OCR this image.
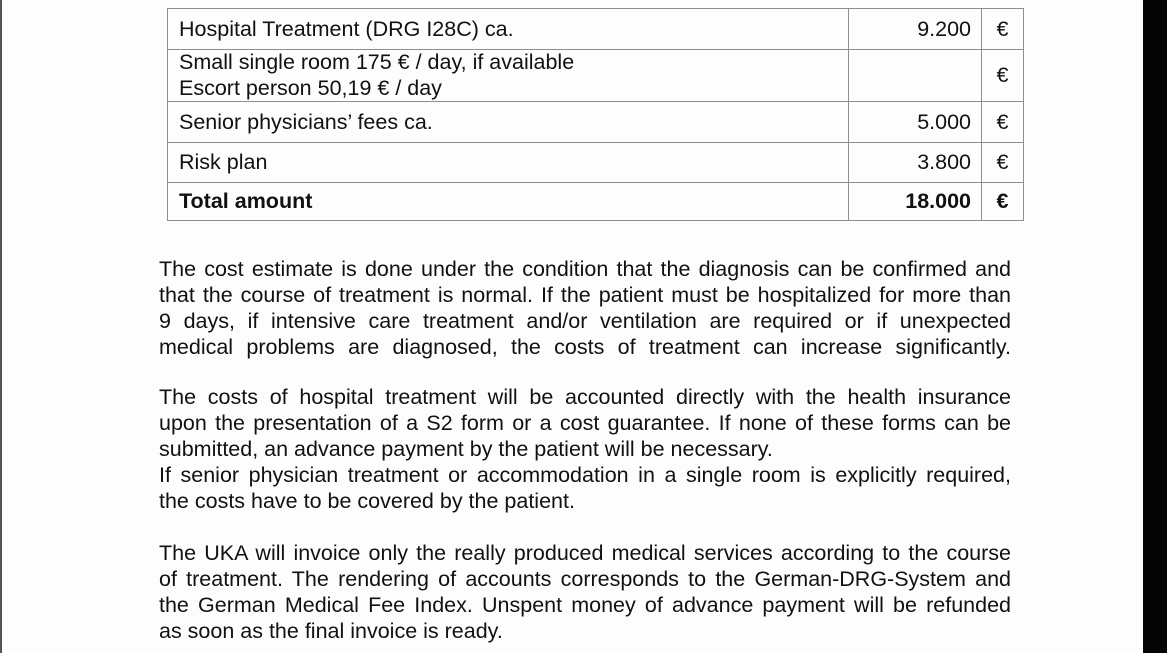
Hospital Treatment (DRG I28C) ca.	9.200	€

Small single room 175 € / day, if available
Escort person 50,19 € / day		€

Senior physicians’ fees ca.	5.000	€

Risk plan	3.800	€
Total amount	18.000	€

The cost estimate is done under the condition that the diagnosis can be confirmed and
that the course of treatment is normal. If the patient must be hospitalized for more than
9 days, if intensive care treatment and/or ventilation are required or if unexpected
medical problems are diagnosed, the costs of treatment can increase significantly.

The costs of hospital treatment will be accounted directly with the health insurance
upon the presentation of a S2 form or a cost guarantee. If none of these forms can be
submitted, an advance payment by the patient will be necessary.
If senior physician treatment or accommodation in a single room is explicitly required,
the costs have to be covered by the patient.

The UKA will invoice only the really produced medical services according to the course
of treatment. The rendering of accounts corresponds to the German-DRG-System and
the German Medical Fee Index. Unspent money of advance payment will be refunded
as soon as the final invoice is ready.
